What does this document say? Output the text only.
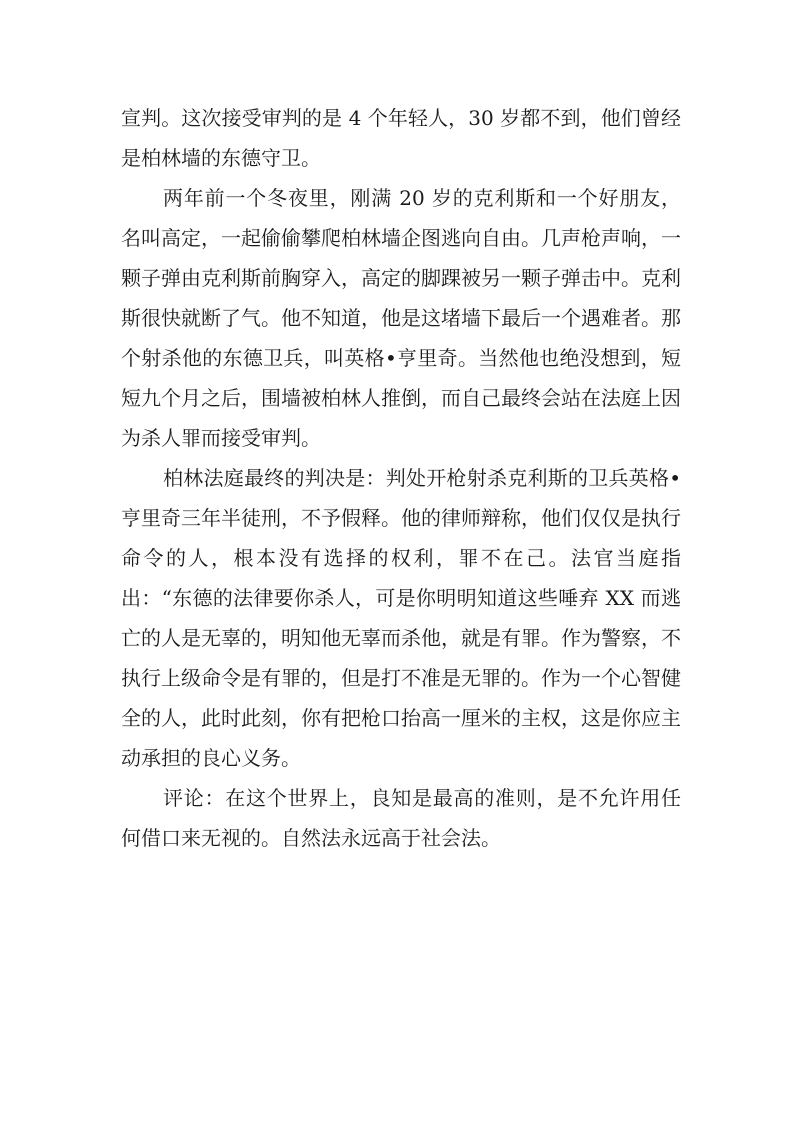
宣判。这次接受审判的是 4 个年轻人，30 岁都不到，他们曾经是柏林墙的东德守卫。

两年前一个冬夜里，刚满 20 岁的克利斯和一个好朋友，名叫高定，一起偷偷攀爬柏林墙企图逃向自由。几声枪声响，一颗子弹由克利斯前胸穿入，高定的脚踝被另一颗子弹击中。克利斯很快就断了气。他不知道，他是这堵墙下最后一个遇难者。那个射杀他的东德卫兵，叫英格•亨里奇。当然他也绝没想到，短短九个月之后，围墙被柏林人推倒，而自己最终会站在法庭上因为杀人罪而接受审判。

柏林法庭最终的判决是：判处开枪射杀克利斯的卫兵英格•亨里奇三年半徒刑，不予假释。他的律师辩称，他们仅仅是执行命令的人，根本没有选择的权利，罪不在己。法官当庭指出：“东德的法律要你杀人，可是你明明知道这些唾弃 XX 而逃亡的人是无辜的，明知他无辜而杀他，就是有罪。作为警察，不执行上级命令是有罪的，但是打不准是无罪的。作为一个心智健全的人，此时此刻，你有把枪口抬高一厘米的主权，这是你应主动承担的良心义务。

评论：在这个世界上，良知是最高的准则，是不允许用任何借口来无视的。自然法永远高于社会法。
